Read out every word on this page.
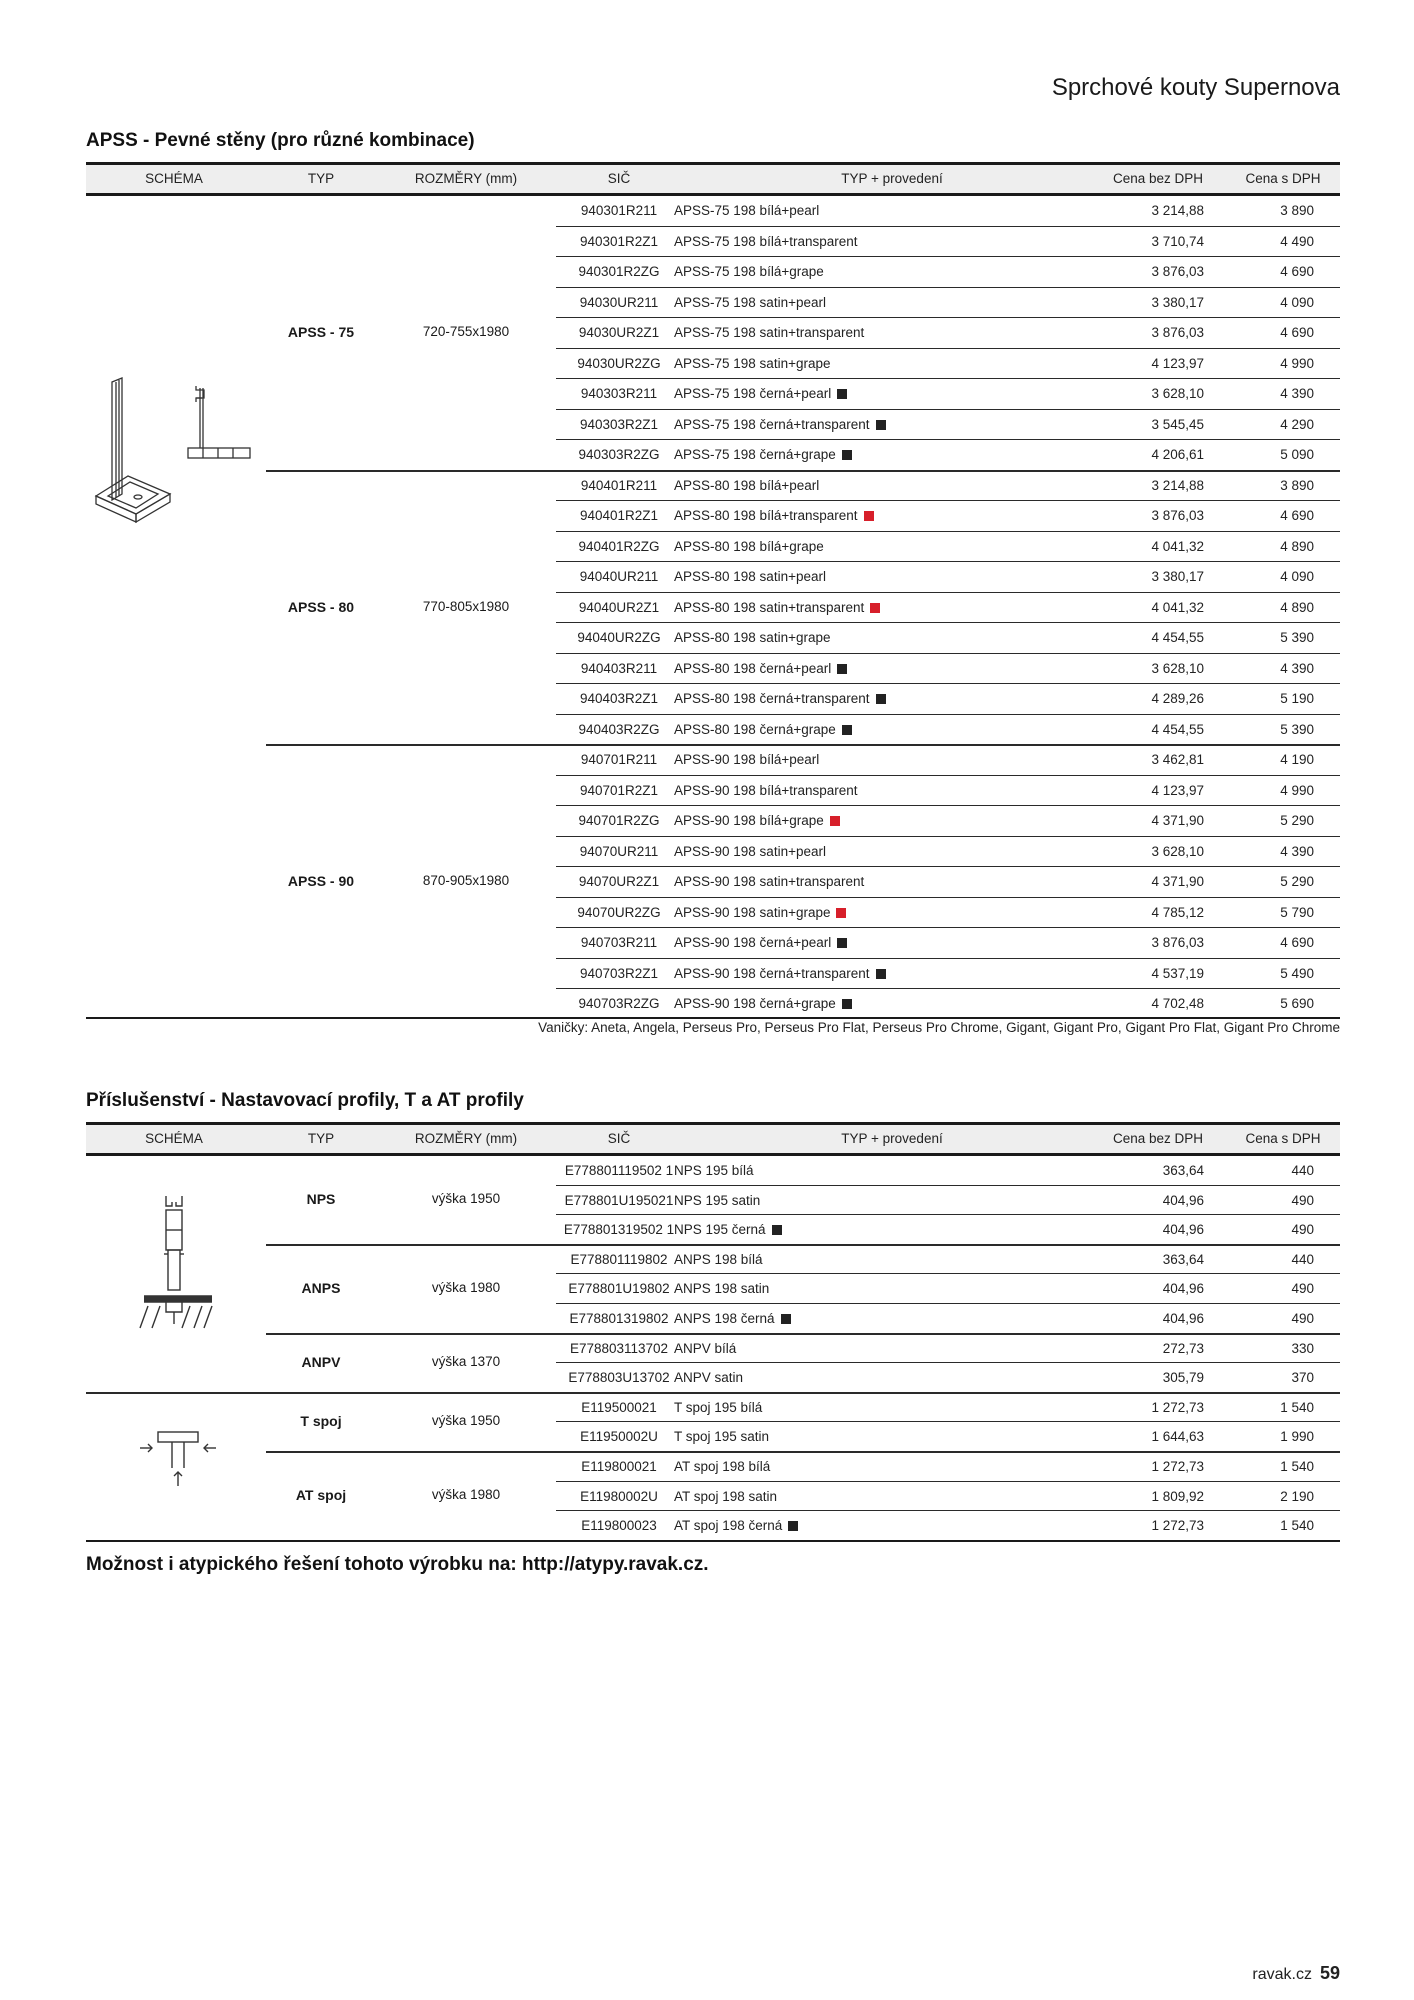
Sprchové kouty Supernova
APSS - Pevné stěny (pro různé kombinace)
SCHÉMA	TYP	ROZMĚRY (mm)	SIČ	TYP + provedení	Cena bez DPH	Cena s DPH
940301R211	APSS-75 198 bílá+pearl	3 214,88	3 890
940301R2Z1	APSS-75 198 bílá+transparent	3 710,74	4 490
940301R2ZG	APSS-75 198 bílá+grape	3 876,03	4 690
94030UR211	APSS-75 198 satin+pearl	3 380,17	4 090
94030UR2Z1	APSS-75 198 satin+transparent	3 876,03	4 690
94030UR2ZG APSS-75 198 satin+grape	4 123,97	4 990
940303R211	APSS-75 198 černá+pearl	3 628,10	4 390
940303R2Z1	APSS-75 198 černá+transparent	3 545,45	4 290
940303R2ZG	APSS-75 198 černá+grape	4 206,61	5 090
APSS - 75	720-755x1980
940401R211	APSS-80 198 bílá+pearl	3 214,88	3 890
940401R2Z1	APSS-80 198 bílá+transparent	3 876,03	4 690
940401R2ZG	APSS-80 198 bílá+grape	4 041,32	4 890
94040UR211	APSS-80 198 satin+pearl	3 380,17	4 090
94040UR2Z1	APSS-80 198 satin+transparent	4 041,32	4 890
94040UR2ZG APSS-80 198 satin+grape	4 454,55	5 390
940403R211	APSS-80 198 černá+pearl	3 628,10	4 390
940403R2Z1	APSS-80 198 černá+transparent	4 289,26	5 190
940403R2ZG	APSS-80 198 černá+grape	4 454,55	5 390
APSS - 80	770-805x1980
940701R211	APSS-90 198 bílá+pearl	3 462,81	4 190
940701R2Z1	APSS-90 198 bílá+transparent	4 123,97	4 990
940701R2ZG	APSS-90 198 bílá+grape	4 371,90	5 290
94070UR211	APSS-90 198 satin+pearl	3 628,10	4 390
94070UR2Z1	APSS-90 198 satin+transparent	4 371,90	5 290
94070UR2ZG APSS-90 198 satin+grape	4 785,12	5 790
940703R211	APSS-90 198 černá+pearl	3 876,03	4 690
940703R2Z1	APSS-90 198 černá+transparent	4 537,19	5 490
940703R2ZG	APSS-90 198 černá+grape	4 702,48	5 690
APSS - 90	870-905x1980
Vaničky: Aneta, Angela, Perseus Pro, Perseus Pro Flat, Perseus Pro Chrome, Gigant, Gigant Pro, Gigant Pro Flat, Gigant Pro Chrome
Příslušenství - Nastavovací profily, T a AT profily
SCHÉMA	TYP	ROZMĚRY (mm)	SIČ	TYP + provedení	Cena bez DPH	Cena s DPH
E778801119502 1 NPS 195 bílá	363,64	440
E778801U195021 NPS 195 satin	404,96	490
E778801319502 1 NPS 195 černá	404,96	490
NPS	výška 1950
E778801119802 ANPS 198 bílá	363,64	440
E778801U19802 ANPS 198 satin	404,96	490
E778801319802 ANPS 198 černá	404,96	490
ANPS	výška 1980
E778803113702 ANPV bílá	272,73	330
E778803U13702 ANPV satin	305,79	370
ANPV	výška 1370
E119500021	T spoj 195 bílá	1 272,73	1 540
E11950002U	T spoj 195 satin	1 644,63	1 990
T spoj	výška 1950
E119800021	AT spoj 198 bílá	1 272,73	1 540
E11980002U	AT spoj 198 satin	1 809,92	2 190
E119800023	AT spoj 198 černá	1 272,73	1 540
AT spoj	výška 1980
Možnost i atypického řešení tohoto výrobku na: http://atypy.ravak.cz.
ravak.cz 59
